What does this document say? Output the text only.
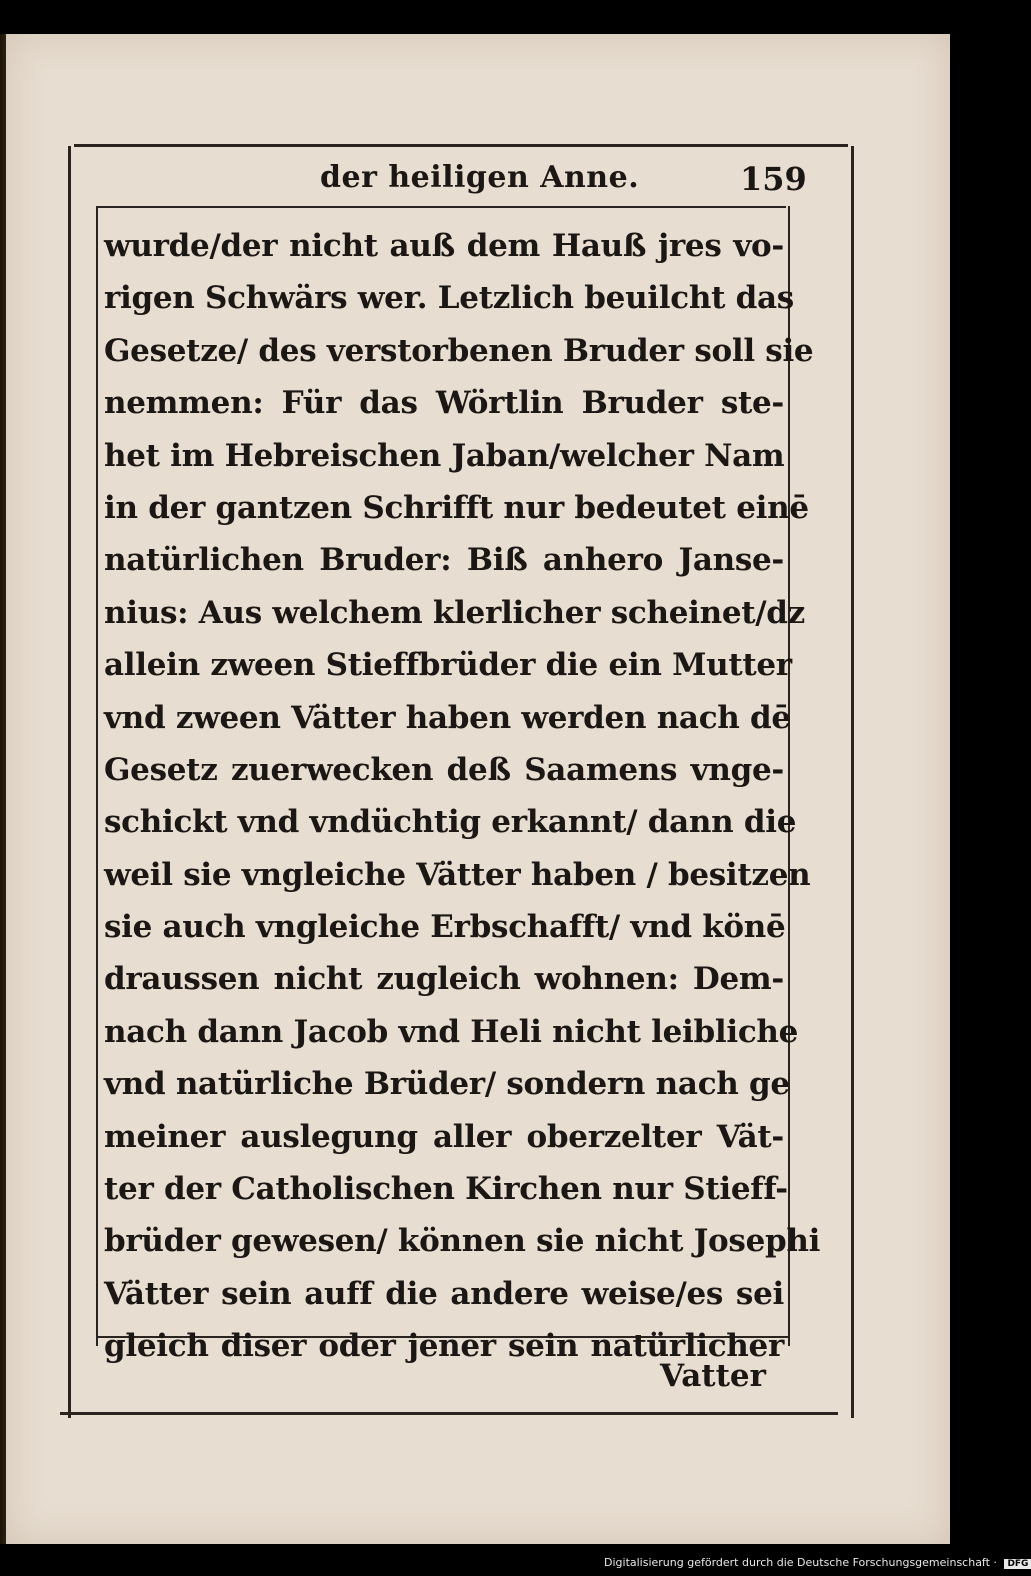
der heiligen Anne.	159
wurde/der nicht auß dem Hauß jres vo-
rigen Schwärs wer. Letzlich beuilcht das
Gesetze/ des verstorbenen Bruder soll sie
nemmen: Für das Wörtlin Bruder ste-
het im Hebreischen Jaban/welcher Nam
in der gantzen Schrifft nur bedeutet einē
natürlichen Bruder: Biß anhero Janse-
nius: Aus welchem klerlicher scheinet/dz
allein zween Stieffbrüder die ein Mutter
vnd zween Vätter haben werden nach dē
Gesetz zuerwecken deß Saamens vnge-
schickt vnd vndüchtig erkannt/ dann die
weil sie vngleiche Vätter haben / besitzen
sie auch vngleiche Erbschafft/ vnd könē
draussen nicht zugleich wohnen: Dem-
nach dann Jacob vnd Heli nicht leibliche
vnd natürliche Brüder/ sondern nach ge
meiner auslegung aller oberzelter Vät-
ter der Catholischen Kirchen nur Stieff-
brüder gewesen/ können sie nicht Josephi
Vätter sein auff die andere weise/es sei
gleich diser oder jener sein natürlicher
Vatter
Digitalisierung gefördert durch die Deutsche Forschungsgemeinschaft · DFG
